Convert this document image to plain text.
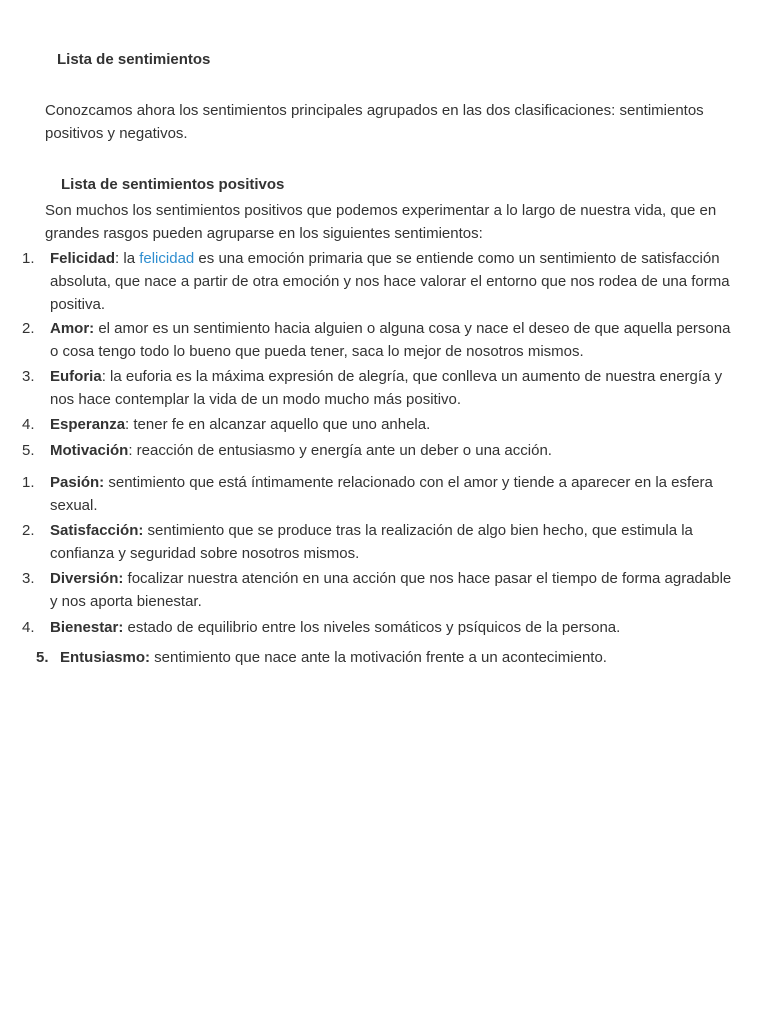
Lista de sentimientos
Conozcamos ahora los sentimientos principales agrupados en las dos clasificaciones: sentimientos positivos y negativos.
Lista de sentimientos positivos
Son muchos los sentimientos positivos que podemos experimentar a lo largo de nuestra vida, que en grandes rasgos pueden agruparse en los siguientes sentimientos:
1.	Felicidad: la felicidad es una emoción primaria que se entiende como un sentimiento de satisfacción absoluta, que nace a partir de otra emoción y nos hace valorar el entorno que nos rodea de una forma positiva.
2.	Amor: el amor es un sentimiento hacia alguien o alguna cosa y nace el deseo de que aquella persona o cosa tengo todo lo bueno que pueda tener, saca lo mejor de nosotros mismos.
3.	Euforia: la euforia es la máxima expresión de alegría, que conlleva un aumento de nuestra energía y nos hace contemplar la vida de un modo mucho más positivo.
4.	Esperanza: tener fe en alcanzar aquello que uno anhela.
5.	Motivación: reacción de entusiasmo y energía ante un deber o una acción.
1.	Pasión: sentimiento que está íntimamente relacionado con el amor y tiende a aparecer en la esfera sexual.
2.	Satisfacción: sentimiento que se produce tras la realización de algo bien hecho, que estimula la confianza y seguridad sobre nosotros mismos.
3.	Diversión: focalizar nuestra atención en una acción que nos hace pasar el tiempo de forma agradable y nos aporta bienestar.
4.	Bienestar: estado de equilibrio entre los niveles somáticos y psíquicos de la persona.
5. Entusiasmo: sentimiento que nace ante la motivación frente a un acontecimiento.
